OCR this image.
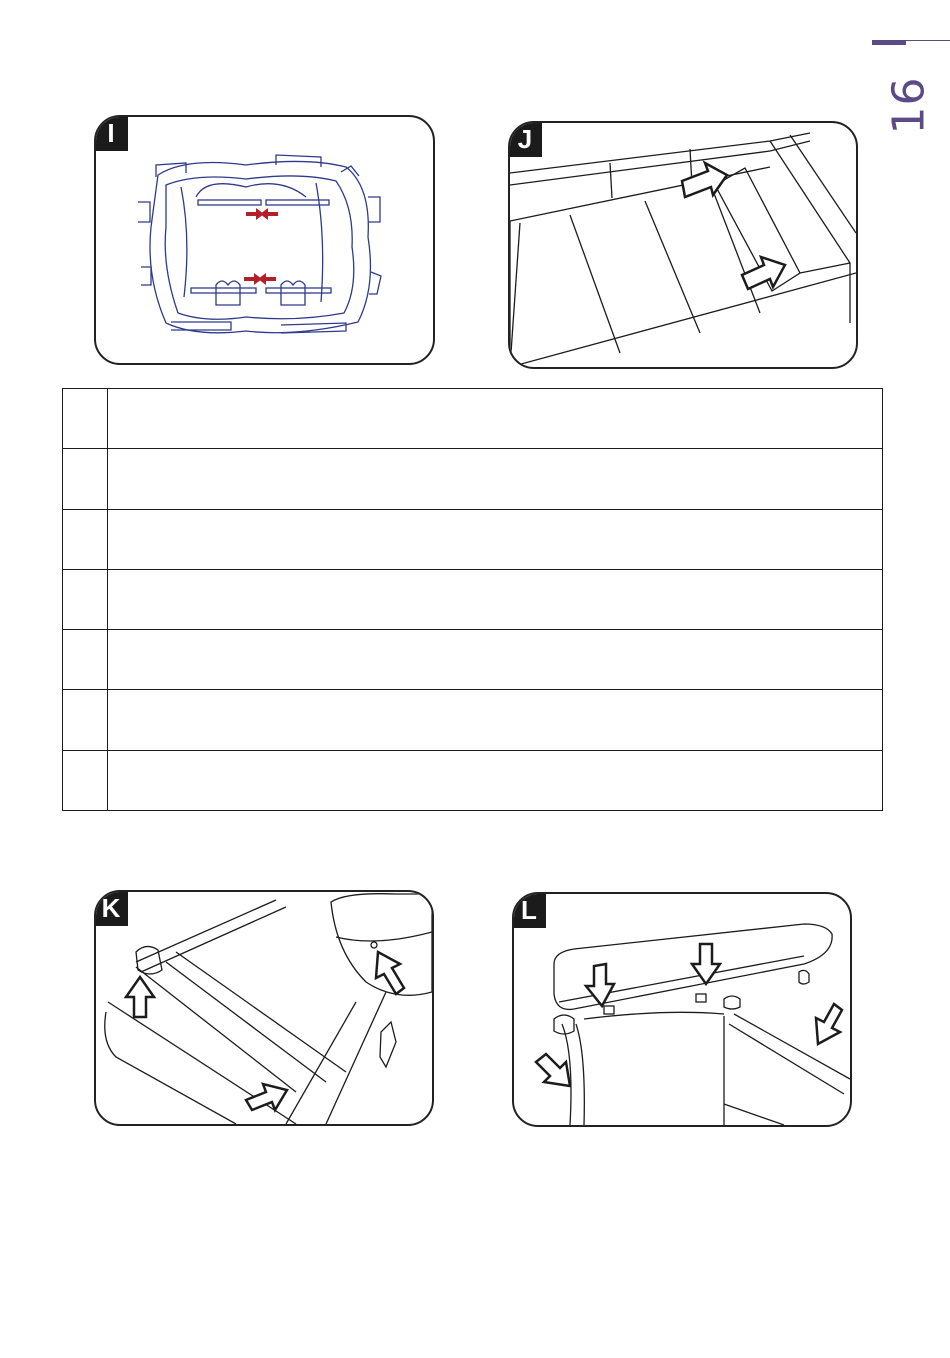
16
I	J

K	L
